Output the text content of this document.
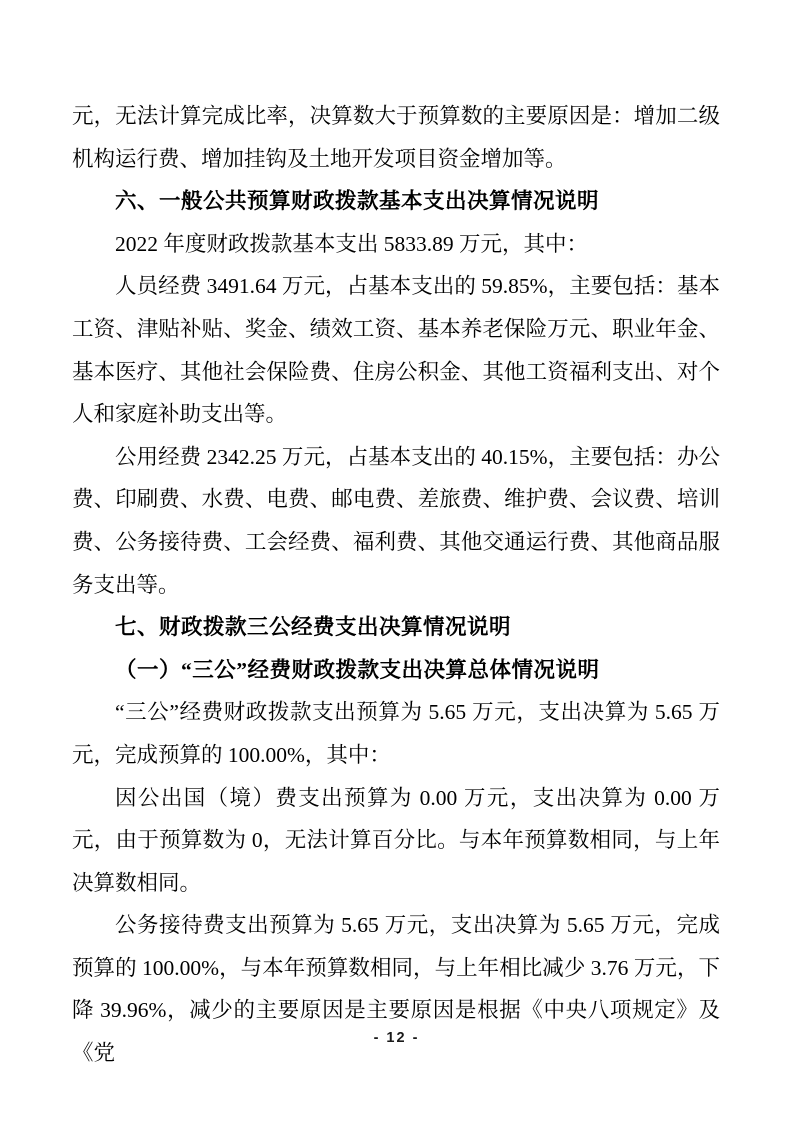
元，无法计算完成比率，决算数大于预算数的主要原因是：增加二级机构运行费、增加挂钩及土地开发项目资金增加等。

六、一般公共预算财政拨款基本支出决算情况说明

2022 年度财政拨款基本支出 5833.89 万元，其中：

人员经费 3491.64 万元，占基本支出的 59.85%，主要包括：基本工资、津贴补贴、奖金、绩效工资、基本养老保险万元、职业年金、基本医疗、其他社会保险费、住房公积金、其他工资福利支出、对个人和家庭补助支出等。

公用经费 2342.25 万元，占基本支出的 40.15%，主要包括：办公费、印刷费、水费、电费、邮电费、差旅费、维护费、会议费、培训费、公务接待费、工会经费、福利费、其他交通运行费、其他商品服务支出等。

七、财政拨款三公经费支出决算情况说明

（一）“三公”经费财政拨款支出决算总体情况说明

“三公”经费财政拨款支出预算为 5.65 万元，支出决算为 5.65 万元，完成预算的 100.00%，其中：

因公出国（境）费支出预算为 0.00 万元，支出决算为 0.00 万元，由于预算数为 0，无法计算百分比。与本年预算数相同，与上年决算数相同。

公务接待费支出预算为 5.65 万元，支出决算为 5.65 万元，完成预算的 100.00%，与本年预算数相同，与上年相比减少 3.76 万元，下降 39.96%，减少的主要原因是主要原因是根据《中央八项规定》及《党

- 12 -
